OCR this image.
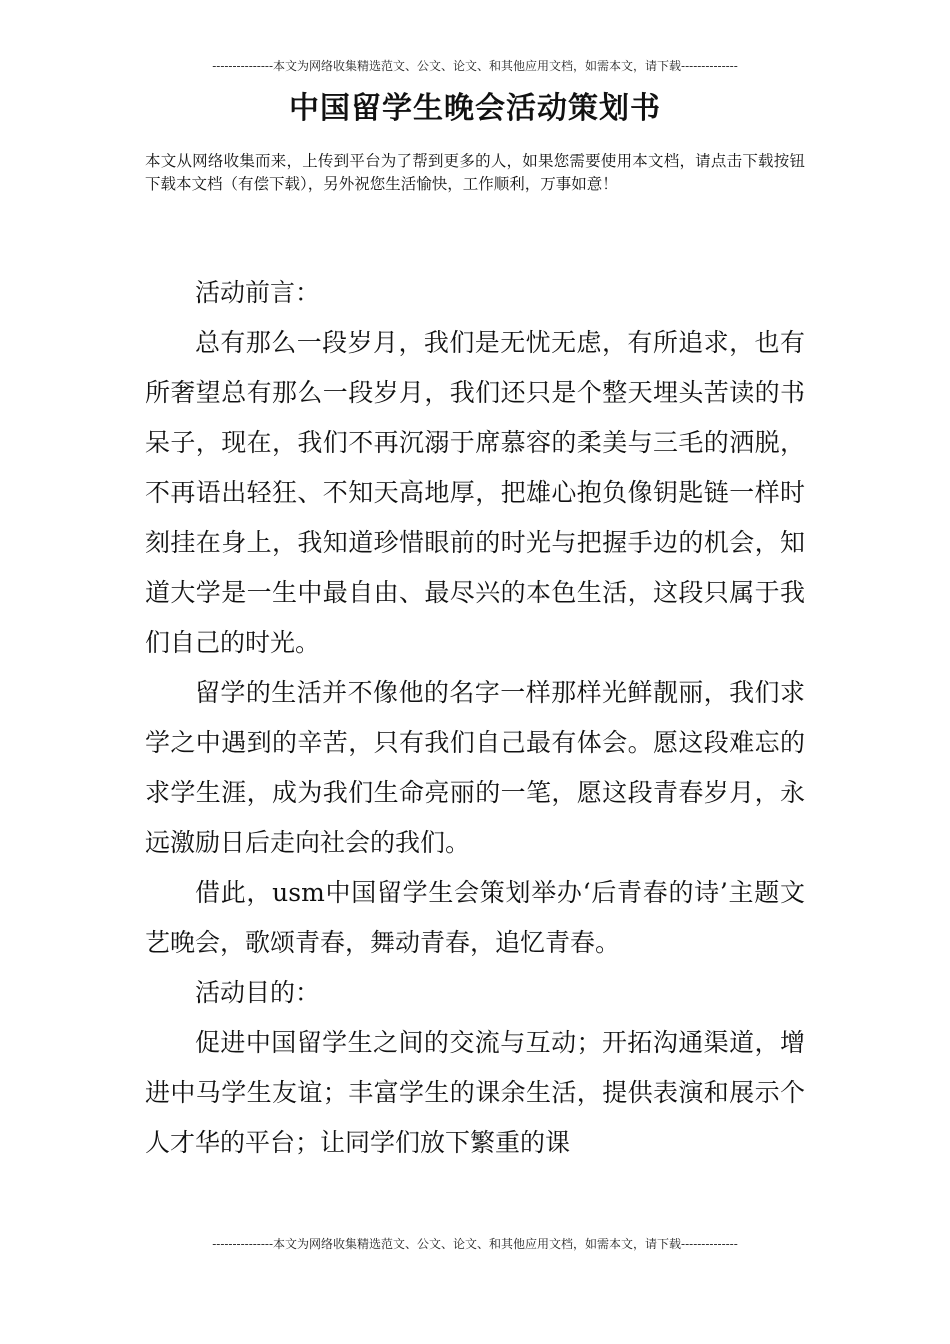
---------------本文为网络收集精选范文、公文、论文、和其他应用文档，如需本文，请下载--------------
中国留学生晚会活动策划书
本文从网络收集而来，上传到平台为了帮到更多的人，如果您需要使用本文档，请点击下载按钮下载本文档（有偿下载），另外祝您生活愉快，工作顺利，万事如意！

活动前言：

总有那么一段岁月，我们是无忧无虑，有所追求，也有所奢望总有那么一段岁月，我们还只是个整天埋头苦读的书呆子，现在，我们不再沉溺于席慕容的柔美与三毛的洒脱，不再语出轻狂、不知天高地厚，把雄心抱负像钥匙链一样时刻挂在身上，我知道珍惜眼前的时光与把握手边的机会，知道大学是一生中最自由、最尽兴的本色生活，这段只属于我们自己的时光。

留学的生活并不像他的名字一样那样光鲜靓丽，我们求学之中遇到的辛苦，只有我们自己最有体会。愿这段难忘的求学生涯，成为我们生命亮丽的一笔，愿这段青春岁月，永远激励日后走向社会的我们。

借此，usm中国留学生会策划举办‘后青春的诗’主题文艺晚会，歌颂青春，舞动青春，追忆青春。

活动目的：

促进中国留学生之间的交流与互动；开拓沟通渠道，增进中马学生友谊；丰富学生的课余生活，提供表演和展示个人才华的平台；让同学们放下繁重的课

---------------本文为网络收集精选范文、公文、论文、和其他应用文档，如需本文，请下载--------------
